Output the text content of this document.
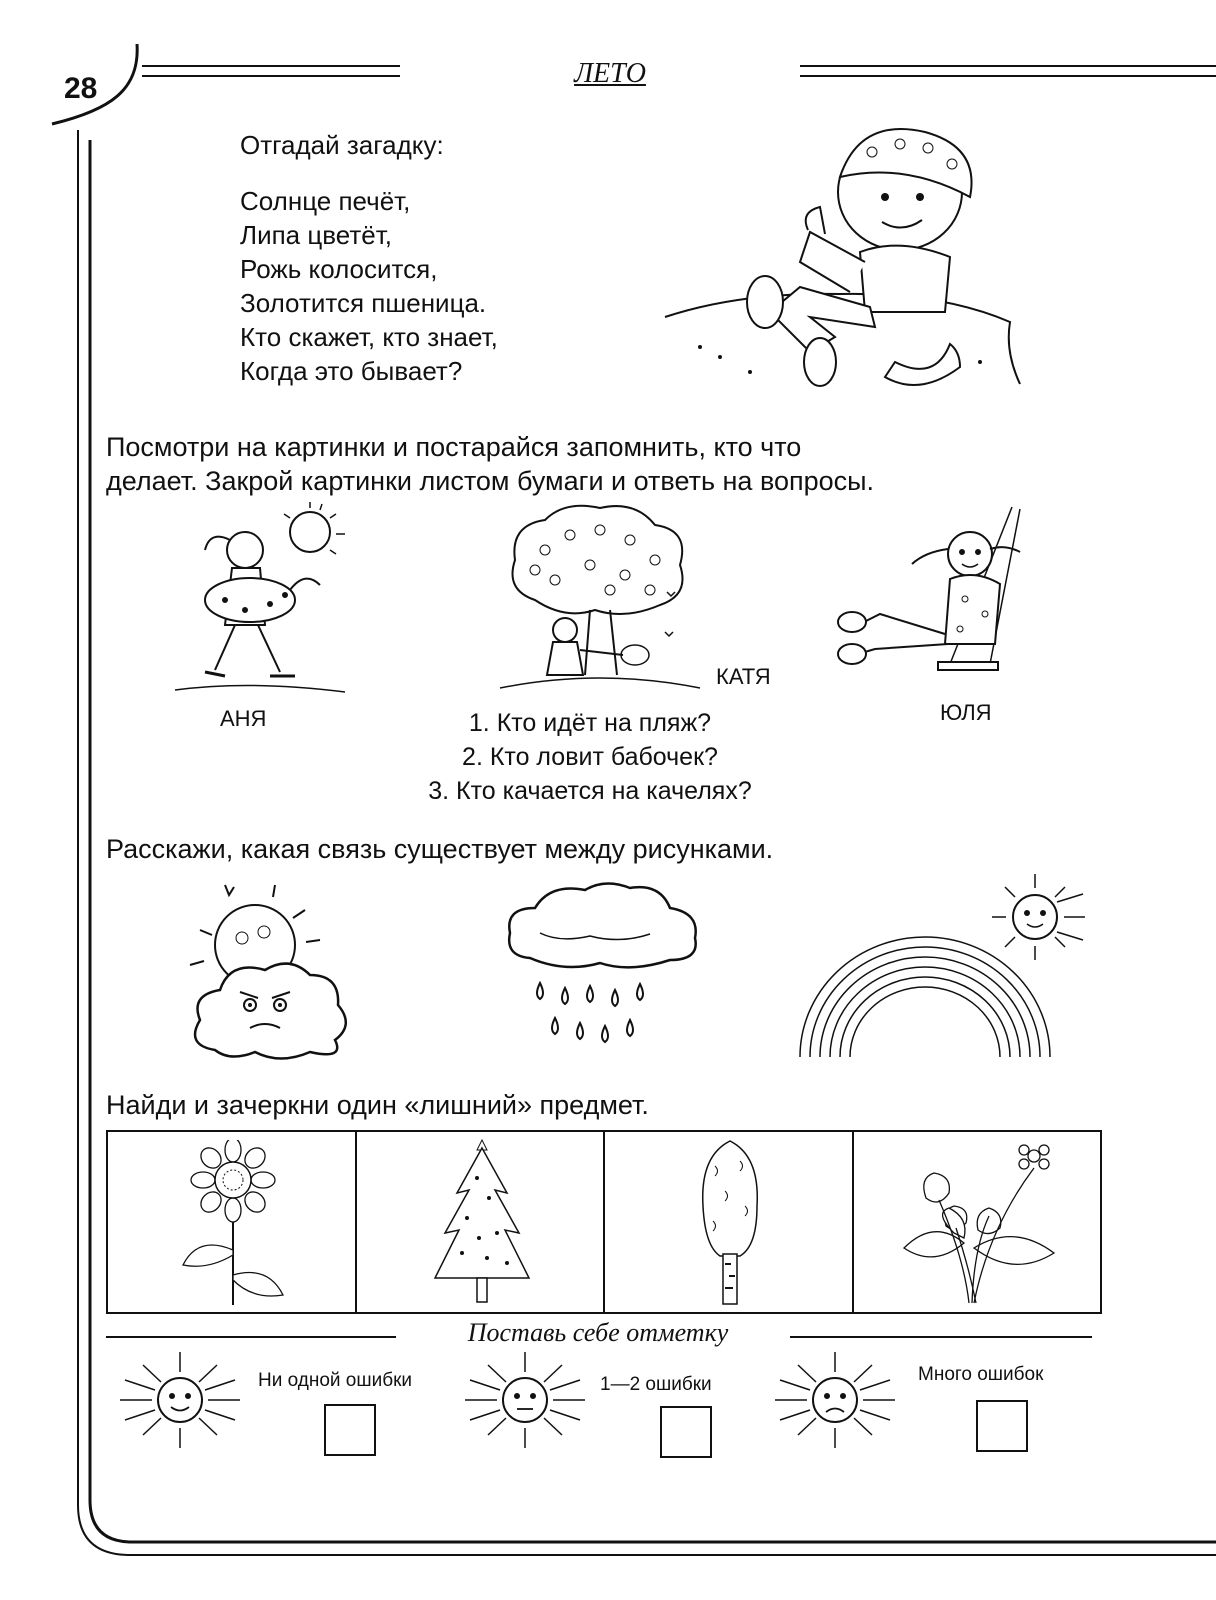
28	ЛЕТО
Отгадай загадку:
Солнце печёт,
Липа цветёт,
Рожь колосится,
Золотится пшеница.
Кто скажет, кто знает,
Когда это бывает?
Посмотри на картинки и постарайся запомнить, кто что
делает. Закрой картинки листом бумаги и ответь на вопросы.
АНЯ
КАТЯ
ЮЛЯ
1. Кто идёт на пляж?
2. Кто ловит бабочек?
3. Кто качается на качелях?
Расскажи, какая связь существует между рисунками.
Найди и зачеркни один «лишний» предмет.
Поставь себе отметку
Ни одной ошибки	1—2 ошибки	Много ошибок
